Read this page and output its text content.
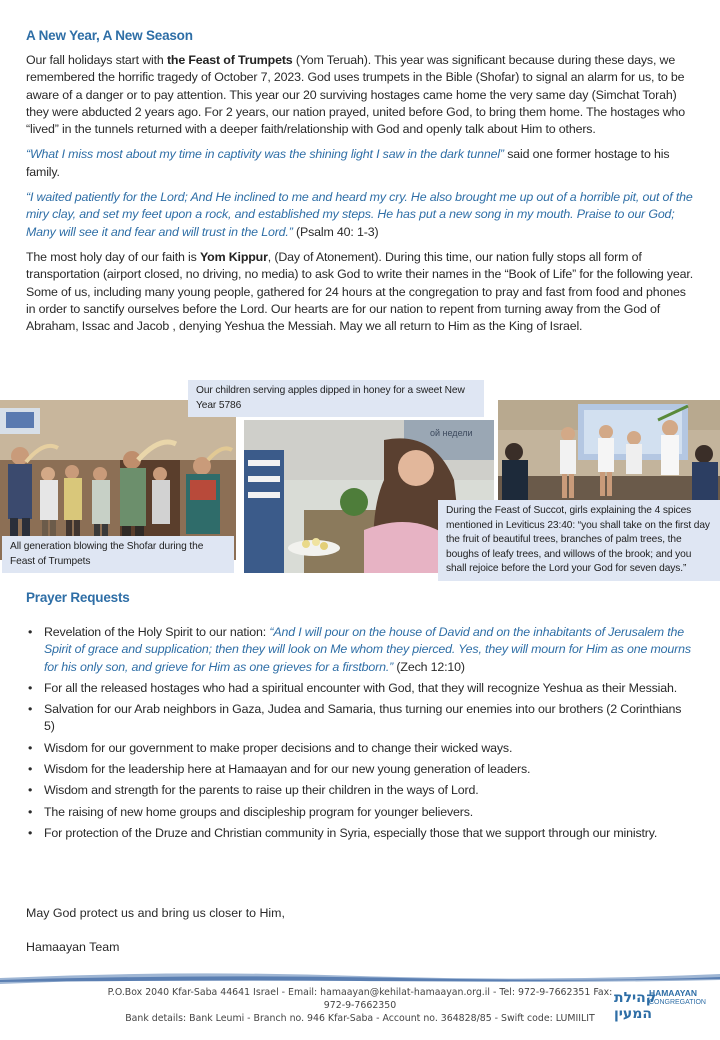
A New Year, A New Season

Our fall holidays start with the Feast of Trumpets (Yom Teruah). This year was significant because during these days, we remembered the horrific tragedy of October 7, 2023. God uses trumpets in the Bible (Shofar) to signal an alarm for us, to be aware of a danger or to pay attention. This year our 20 surviving hostages came home the very same day (Simchat Torah) they were abducted 2 years ago. For 2 years, our nation prayed, united before God, to bring them home. The hostages who “lived” in the tunnels returned with a deeper faith/relationship with God and openly talk about Him to others.

“What I miss most about my time in captivity was the shining light I saw in the dark tunnel” said one former hostage to his family.

“I waited patiently for the Lord; And He inclined to me and heard my cry. He also brought me up out of a horrible pit, out of the miry clay, and set my feet upon a rock, and established my steps. He has put a new song in my mouth. Praise to our God; Many will see it and fear and will trust in the Lord.” (Psalm 40: 1-3)

The most holy day of our faith is Yom Kippur, (Day of Atonement). During this time, our nation fully stops all form of transportation (airport closed, no driving, no media) to ask God to write their names in the “Book of Life” for the following year. Some of us, including many young people, gathered for 24 hours at the congregation to pray and fast from food and phones in order to sanctify ourselves before the Lord. Our hearts are for our nation to repent from turning away from the God of Abraham, Issac and Jacob , denying Yeshua the Messiah. May we all return to Him as the King of Israel.

All generation blowing the Shofar during the Feast of Trumpets
Our children serving apples dipped in honey for a sweet New Year 5786
ой недели
During the Feast of Succot, girls explaining the 4 spices mentioned in Leviticus 23:40: “you shall take on the first day the fruit of beautiful trees, branches of palm trees, the boughs of leafy trees, and willows of the brook; and you shall rejoice before the Lord your God for seven days.”
Prayer Requests
• Revelation of the Holy Spirit to our nation: “And I will pour on the house of David and on the inhabitants of Jerusalem the Spirit of grace and supplication; then they will look on Me whom they pierced. Yes, they will mourn for Him as one mourns for his only son, and grieve for Him as one grieves for a firstborn.” (Zech 12:10)
• For all the released hostages who had a spiritual encounter with God, that they will recognize Yeshua as their Messiah.
• Salvation for our Arab neighbors in Gaza, Judea and Samaria, thus turning our enemies into our brothers (2 Corinthians 5)
• Wisdom for our government to make proper decisions and to change their wicked ways.
• Wisdom for the leadership here at Hamaayan and for our new young generation of leaders.
• Wisdom and strength for the parents to raise up their children in the ways of Lord.
• The raising of new home groups and discipleship program for younger believers.
• For protection of the Druze and Christian community in Syria, especially those that we support through our ministry.
May God protect us and bring us closer to Him,
Hamaayan Team
P.O.Box 2040 Kfar-Saba 44641 Israel - Email: hamaayan@kehilat-hamaayan.org.il - Tel: 972-9-7662351 Fax: 972-9-7662350
Bank details: Bank Leumi - Branch no. 946 Kfar-Saba - Account no. 364828/85 - Swift code: LUMIILIT
קהילת המעין
HAMAAYAN
CONGREGATION
